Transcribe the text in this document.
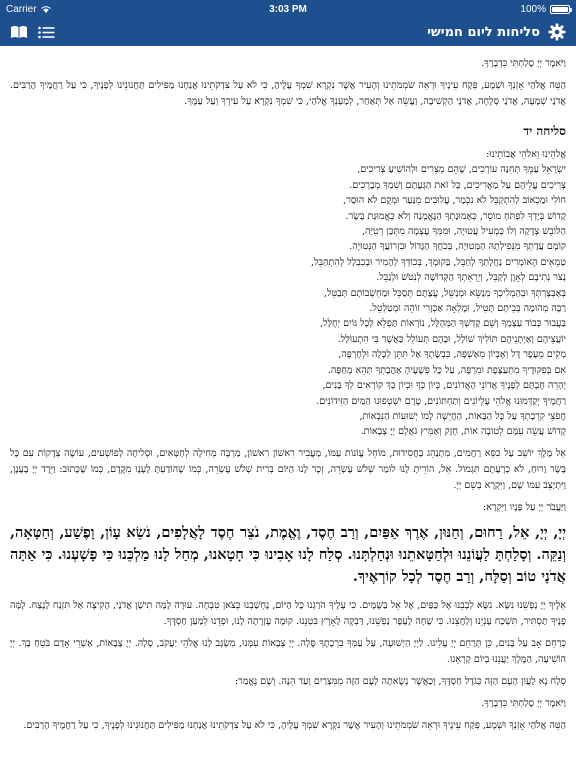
Carrier	3:03 PM	100%
סליחות ליום חמישי
וַיֹּאמֶר יְיָ סָלַחְתִּי כִּדְבָרֶךָ.
הַטֵּה אֱלֹהַי אָזְנְךָ וּשְׁמָע, פְּקַח עֵינֶיךָ וּרְאֵה שֹׁמְמֹתֵינוּ וְהָעִיר אֲשֶׁר נִקְרָא שִׁמְךָ עָלֶיהָ, כִּי לֹא עַל צִדְקֹתֵינוּ אֲנַחְנוּ מַפִּילִים תַּחֲנוּנֵינוּ לְפָנֶיךָ, כִּי עַל רַחֲמֶיךָ הָרַבִּים. אֲדֹנָי שְׁמָעָה, אֲדֹנָי סְלָחָה, אֲדֹנָי הַקְשִׁיבָה, וַעֲשֵׂה אַל תְּאַחַר, לְמַעַנְךָ אֱלֹהַי, כִּי שִׁמְךָ נִקְרָא עַל עִירְךָ וְעַל עַמֶּךָ.
סליחה יד
אֱלֹהֵינוּ וֵאלֹהֵי אֲבוֹתֵינוּ:
יִשְׂרָאֵל עַמְּךָ תְּחִנָּה עוֹרְכִים, שֶׁהֵם מְצֵרִים וּלְהוֹשִׁיעַ צְרִיכִים,
צְרִיכִים עֲלֵיהֶם עַל מַאֲרִיכִים, כָּל זֹאת הַגְּעָתָם וְשִׁמְךָ מְבָרְכִים.
חוֹלִי וּמַכְאוֹב לְהִתְקַבֵּל לֹא נִכְמָר, עֲלוּבִים מִנַּעַר וּמְקֻם לֹא הוּסַר,
קָדוֹשׁ בְּיָדְךָ לִפְתֹּחַ מוֹסֵר, כְּאֶמוּנָתְךָ הַנֶּאֱמָנָה וְלֹא כְּאֱמוּנַת בָּשָׂר.
הַלּוֹבֵשׁ צְדָקָה וְלוֹ כְּמְעִיל עֲטוּיָה, וּמִמְּךָ עֶצְמָה מִתְּכַּן רְטִיָּה,
קוֹמָם עֲדָתְךָ מִנְּפִילָתָהּ הַמְּטוּיָה, בְּכֹחֲךָ הַגָּדוֹל וּבִזְרוֹעֲךָ הַנְּטוּיָה.
טְמֵאִים הָאוֹמְרִים נַחֲלָתְךָ לְחַבֵּל, בְּקוּמָךְ, בְּכוֹדְךָ לְהָמִיר וּבְכִבְלָל לְהִתְהַבֵּל,
נְצֹר נְתִיבָם לְאָוֶן לְקַבֵּל, וְיֵרְאֵתְךָ הַקְּדוֹשָׁה לְנִטֹּשׁ וּלְנַבֵּל.
בְּאַבְּצָרְתְּךָ וּבְהַמְלִיכְךָ מְנַשֵּׂא וּמְנַשֵּׁל, עֲצָתָם תְּסַכֵּל וּמַחְשְׁבוֹתָם תְּבַטֵּל,
רַבָּה מְהוּמָה בְּבֵיתָם תָּטִיל, וּמָלְאָה אַכְזָרִי זוֹהֵה וּמְטַלְטֵל.
בַּעֲבוּר כְּבוֹד עַצְמְךָ וְשֵׁם קָדְשְׁךָ הַמְּהֻלָּל, נוֹרָאוֹת תַּפְלֵא לְכָל גּוֹיִם יְחֻלָּל,
יוֹעֲצֵיהֶם וְאַיְתָנֵיהֶם תּוֹלִיךְ שׁוֹלָל, וּבָהֶם תְּעוֹלֵל כַּאֲשֶׁר בִּי הִתְעוֹלָל.
מְקִים מֵעָפָר דָּל וְאֶבְיוֹן מֵאַשְׁפָּה, כִּבְשָׂתְךָ אַל תִּתֵּן לְכָלָה וּלְחֶרְפָּה,
אִם בְּפִקּוּדֶיךָ מִתְעַצֶּפֶת וּמִרְפָּה, עַל כָּל פְּשָׁעֶיהָ אַהֲבָתְךָ תְּהֵא מְחַפָּה.
יְהָרֵה חֶבְתָּם לְפָנֶיךָ אֲדוֹנֵי הָאֲדוֹנִים, כְּיוֹן כְּךָ וּכְיוֹן כַּךְ קוֹרְאִים לְךָ בָּנִים,
רַחֲמֶיךָ יְקַדְּמוּנוּ אֱלֹהֵי עֶלְיוֹנִים וְתַחְתּוֹנִים, טֶרֶם יִשְׁטְפוּנוּ הַמַּיִם הַזֵּידוֹנִים.
חֲפֹצֵי קִרְבָתְךָ עַל כָּל הַבָּאוֹת, הַחֲיֵשָׁה לָמוֹ יְשׁוּעוֹת הַנִּבְאוֹת,
קָדוֹשׁ עֲשֵׂה עִמָּם לְטוֹבָה אוֹת, חָזָק וְאַמִּיץ גֹּאֲלָם יְיָ צְבָאוֹת.
אֵל מֶלֶךְ יוֹשֵׁב עַל כִּסֵּא רַחֲמִים, מִתְנַהֵג בַּחֲסִידוּת, מוֹחֵל עֲוֹנוֹת עַמּוֹ, מַעֲבִיר רִאשׁוֹן רִאשׁוֹן, מַרְבֶּה מְחִילָה לְחַטָּאִים, וּסְלִיחָה לְפוֹשְׁעִים, עוֹשֶׂה צְדָקוֹת עִם כָּל בָּשָׂר וָרוּחַ, לֹא כְרָעָתָם תִּגְמוֹל. אֵל, הוֹרֵיתָ לָנוּ לוֹמַר שְׁלֹשׁ עֶשְׂרֵה, זְכָר לָנוּ הַיּוֹם בְּרִית שְׁלֹשׁ עֶשְׂרֵה, כְּמוֹ שֶׁהוֹדַעְתָּ לֶעָנָו מִקֶּדֶם, כְּמוֹ שֶׁכָּתוּב: וַיֵּרֶד יְיָ בֶּעָנָן, וַיִּתְיַצֵּב עִמּוֹ שָׁם, וַיִּקְרָא בְשֵׁם יְיָ.
וַיַּעֲבֹר יְיָ עַל פָּנָיו וַיִּקְרָא:
יְיָ, יְיָ, אֵל, רַחוּם, וְחַנּוּן, אֶרֶךְ אַפַּיִם, וְרַב חֶסֶד, וֶאֱמֶת, נֹצֵר חֶסֶד לָאֲלָפִים, נֹשֵׂא עָוֹן, וָפֶשַׁע, וְחַטָּאָה, וְנַקֵּה. וְסָלַחְתָּ לַעֲוֹנֵנוּ וּלְחַטָּאתֵנוּ וּנְחַלְתָּנוּ. סְלַח לָנוּ אָבִינוּ כִּי חָטָאנוּ, מְחַל לָנוּ מַלְכֵּנוּ כִּי פָשָׁעְנוּ. כִּי אַתָּה אֲדֹנָי טוֹב וְסַלָּח, וְרַב חֶסֶד לְכָל קוֹרְאֶיךָ.
אֵלֶיךָ יְיָ נַפְשֵׁנוּ נִשָּׂא. נִשָּׂא לְבָבֵנוּ אֶל כַּפַּיִם, אֶל אֵל בַּשָּׁמָיִם. כִּי עָלֶיךָ הֹרַגְנוּ כָל הַיּוֹם, נֶחְשַׁבְנוּ כְּצֹאן טִבְחָה. עוּרָה לָמָּה תִישַׁן אֲדֹנָי, הָקִיצָה אַל תִּזְנַח לָנֶצַח. לָמָּה פָנֶיךָ תַסְתִּיר, תִּשְׁכַּח עָנְיֵנוּ וְלַחֲצֵנוּ. כִּי שָׁחָה לֶעָפָר נַפְשֵׁנוּ, דָּבְקָה לָאָרֶץ בִּטְנֵנוּ. קוּמָה עֶזְרָתָה לָנוּ, וּפְדֵנוּ לְמַעַן חַסְדֶּךָ.
כְּרַחֵם אָב עַל בָּנִים, כֵּן תְּרַחֵם יְיָ עָלֵינוּ. לַיְיָ הַיְשׁוּעָה, עַל עַמְּךָ בִרְכָתֶךָ סֶּלָה. יְיָ צְבָאוֹת עִמָּנוּ, מִשְׂגָּב לָנוּ אֱלֹהֵי יַעֲקֹב, סֶלָה. יְיָ צְבָאוֹת, אַשְׁרֵי אָדָם בֹּטֵחַ בָּךְ. יְיָ הוֹשִׁיעָה, הַמֶּלֶךְ יַעֲנֵנוּ בְיוֹם קָרְאֵנוּ.
סְלַח נָא לַעֲוֹן הָעָם הַזֶּה כְּגֹדֶל חַסְדֶּךָ, וְכַאֲשֶׁר נָשָׂאתָה לָעָם הַזֶּה מִמִּצְרַיִם וְעַד הֵנָּה. וְשָׁם נֶאֱמַר:
וַיֹּאמֶר יְיָ סָלַחְתִּי כִּדְבָרֶךָ.
הַטֵּה אֱלֹהַי אָזְנְךָ וּשְׁמָע, פְּקַח עֵינֶיךָ וּרְאֵה שֹׁמְמֹתֵינוּ וְהָעִיר אֲשֶׁר נִקְרָא שִׁמְךָ עָלֶיהָ, כִּי לֹא עַל צִדְקֹתֵינוּ אֲנַחְנוּ מַפִּילִים תַּחֲנוּנֵינוּ לְפָנֶיךָ, כִּי עַל רַחֲמֶיךָ הָרַבִּים.
